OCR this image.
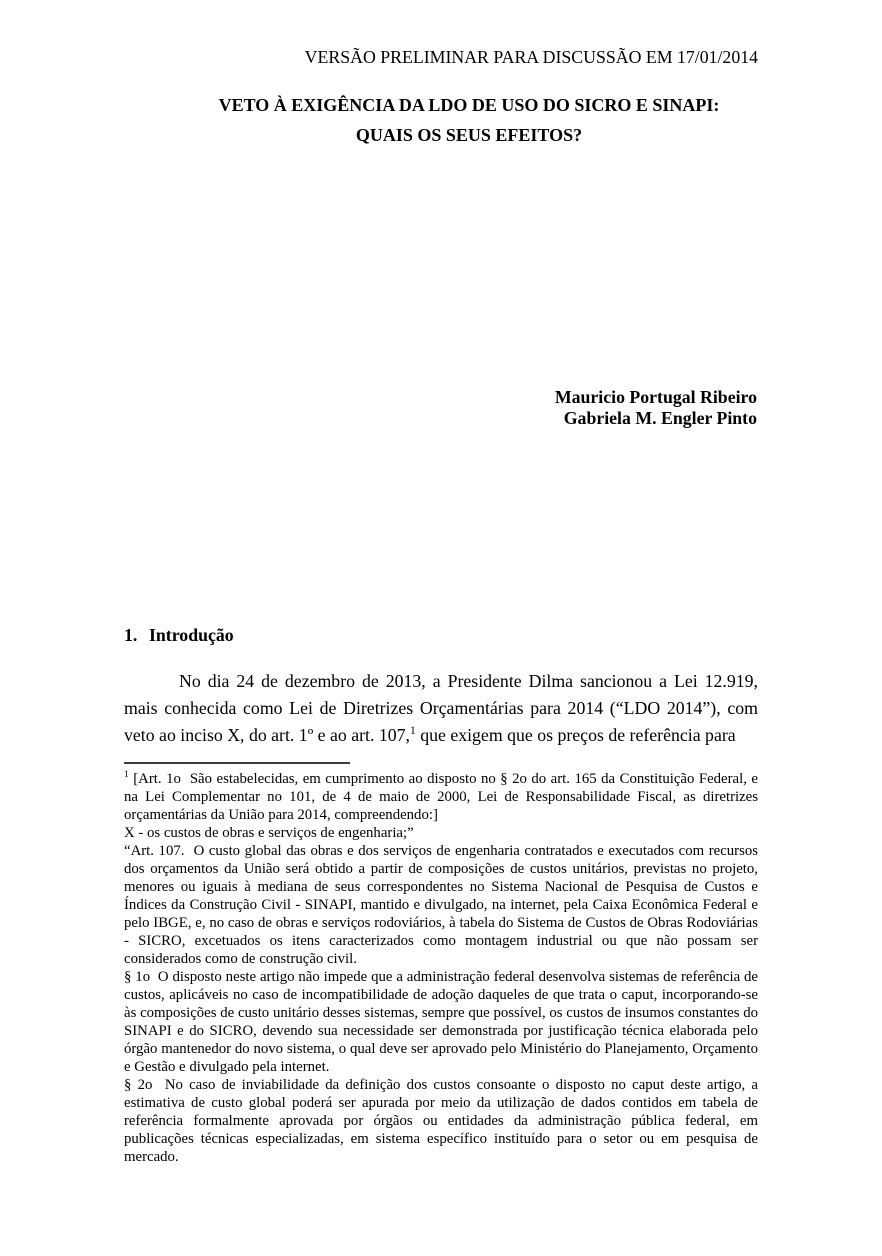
VERSÃO PRELIMINAR PARA DISCUSSÃO EM 17/01/2014
VETO À EXIGÊNCIA DA LDO DE USO DO SICRO E SINAPI:
QUAIS OS SEUS EFEITOS?
Mauricio Portugal Ribeiro
Gabriela M. Engler Pinto
1. Introdução

No dia 24 de dezembro de 2013, a Presidente Dilma sancionou a Lei 12.919, mais conhecida como Lei de Diretrizes Orçamentárias para 2014 (“LDO 2014”), com veto ao inciso X, do art. 1º e ao art. 107,$^1$ que exigem que os preços de referência para

$^1$ [Art. 1o  São estabelecidas, em cumprimento ao disposto no § 2o do art. 165 da Constituição Federal, e na Lei Complementar no 101, de 4 de maio de 2000, Lei de Responsabilidade Fiscal, as diretrizes orçamentárias da União para 2014, compreendendo:]

X - os custos de obras e serviços de engenharia;”

“Art. 107.  O custo global das obras e dos serviços de engenharia contratados e executados com recursos dos orçamentos da União será obtido a partir de composições de custos unitários, previstas no projeto, menores ou iguais à mediana de seus correspondentes no Sistema Nacional de Pesquisa de Custos e Índices da Construção Civil - SINAPI, mantido e divulgado, na internet, pela Caixa Econômica Federal e pelo IBGE, e, no caso de obras e serviços rodoviários, à tabela do Sistema de Custos de Obras Rodoviárias - SICRO, excetuados os itens caracterizados como montagem industrial ou que não possam ser considerados como de construção civil.

§ 1o  O disposto neste artigo não impede que a administração federal desenvolva sistemas de referência de custos, aplicáveis no caso de incompatibilidade de adoção daqueles de que trata o caput, incorporando-se às composições de custo unitário desses sistemas, sempre que possível, os custos de insumos constantes do SINAPI e do SICRO, devendo sua necessidade ser demonstrada por justificação técnica elaborada pelo órgão mantenedor do novo sistema, o qual deve ser aprovado pelo Ministério do Planejamento, Orçamento e Gestão e divulgado pela internet.

§ 2o  No caso de inviabilidade da definição dos custos consoante o disposto no caput deste artigo, a estimativa de custo global poderá ser apurada por meio da utilização de dados contidos em tabela de referência formalmente aprovada por órgãos ou entidades da administração pública federal, em publicações técnicas especializadas, em sistema específico instituído para o setor ou em pesquisa de mercado.
